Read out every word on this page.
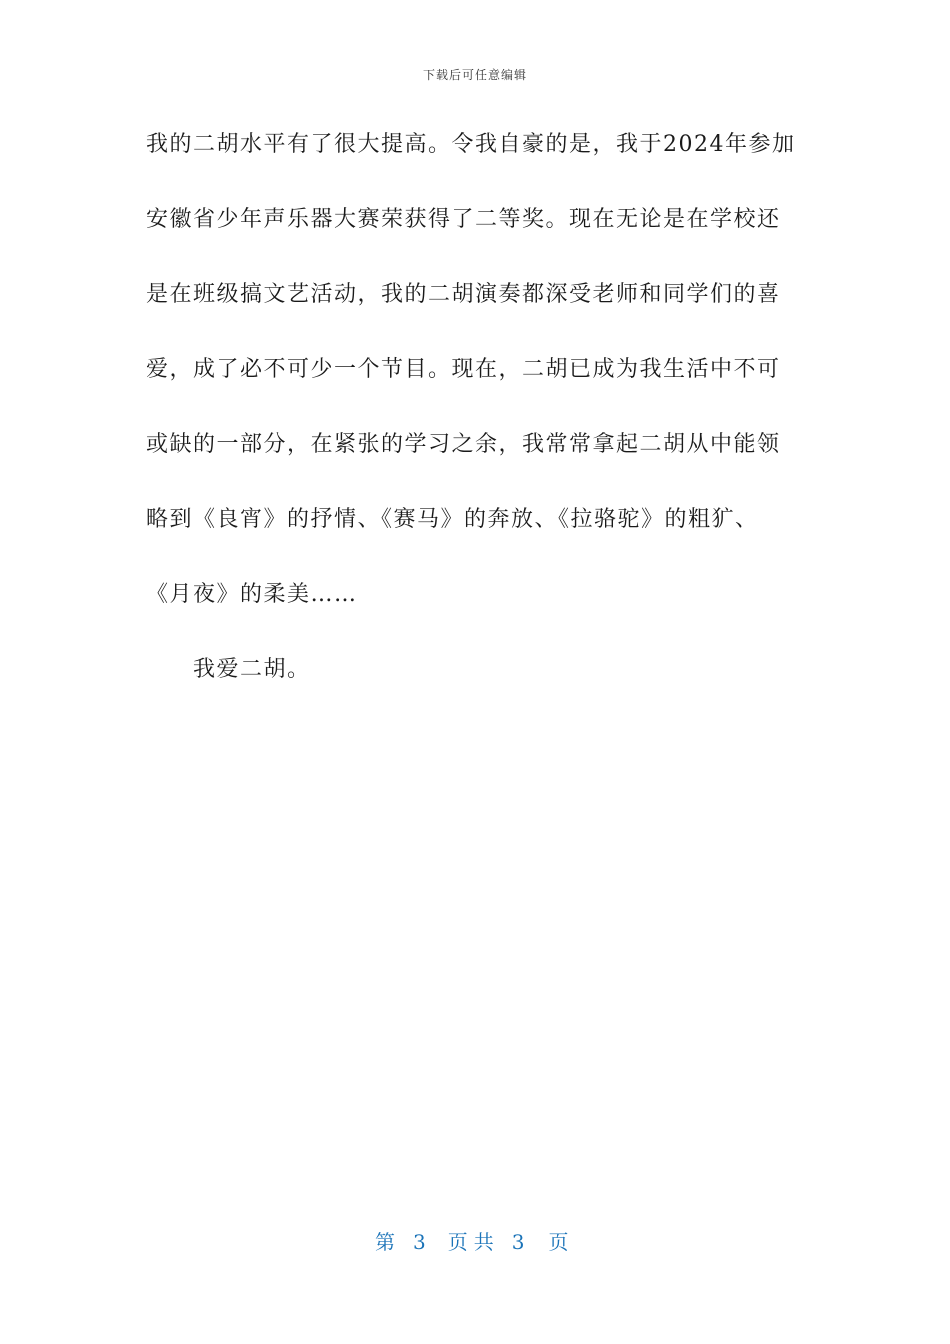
下载后可任意编辑
我的二胡水平有了很大提高。令我自豪的是，我于2024年参加
安徽省少年声乐器大赛荣获得了二等奖。现在无论是在学校还
是在班级搞文艺活动，我的二胡演奏都深受老师和同学们的喜
爱，成了必不可少一个节目。现在，二胡已成为我生活中不可
或缺的一部分，在紧张的学习之余，我常常拿起二胡从中能领
略到《良宵》的抒情、《赛马》的奔放、《拉骆驼》的粗犷、
《月夜》的柔美……
我爱二胡。
第 3 页 共 3 页
